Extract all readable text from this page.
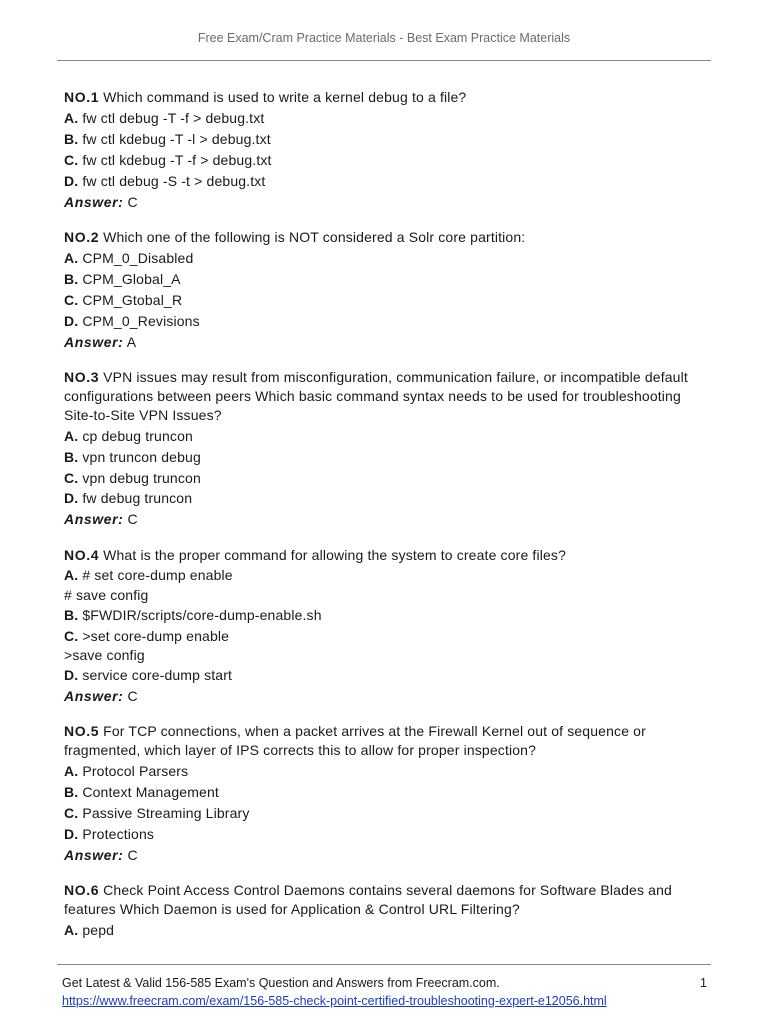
Free Exam/Cram Practice Materials - Best Exam Practice Materials
NO.1 Which command is used to write a kernel debug to a file?
A. fw ctl debug -T -f > debug.txt
B. fw ctl kdebug -T -l > debug.txt
C. fw ctl kdebug -T -f > debug.txt
D. fw ctl debug -S -t > debug.txt
Answer: C
NO.2 Which one of the following is NOT considered a Solr core partition:
A. CPM_0_Disabled
B. CPM_Global_A
C. CPM_Gtobal_R
D. CPM_0_Revisions
Answer: A
NO.3 VPN issues may result from misconfiguration, communication failure, or incompatible default
configurations between peers Which basic command syntax needs to be used for troubleshooting
Site-to-Site VPN Issues?
A. cp debug truncon
B. vpn truncon debug
C. vpn debug truncon
D. fw debug truncon
Answer: C
NO.4 What is the proper command for allowing the system to create core files?
A. # set core-dump enable
# save config
B. $FWDIR/scripts/core-dump-enable.sh
C. >set core-dump enable
>save config
D. service core-dump start
Answer: C
NO.5 For TCP connections, when a packet arrives at the Firewall Kernel out of sequence or
fragmented, which layer of IPS corrects this to allow for proper inspection?
A. Protocol Parsers
B. Context Management
C. Passive Streaming Library
D. Protections
Answer: C
NO.6 Check Point Access Control Daemons contains several daemons for Software Blades and
features Which Daemon is used for Application & Control URL Filtering?
A. pepd
Get Latest & Valid 156-585 Exam's Question and Answers from Freecram.com.
https://www.freecram.com/exam/156-585-check-point-certified-troubleshooting-expert-e12056.html
1
